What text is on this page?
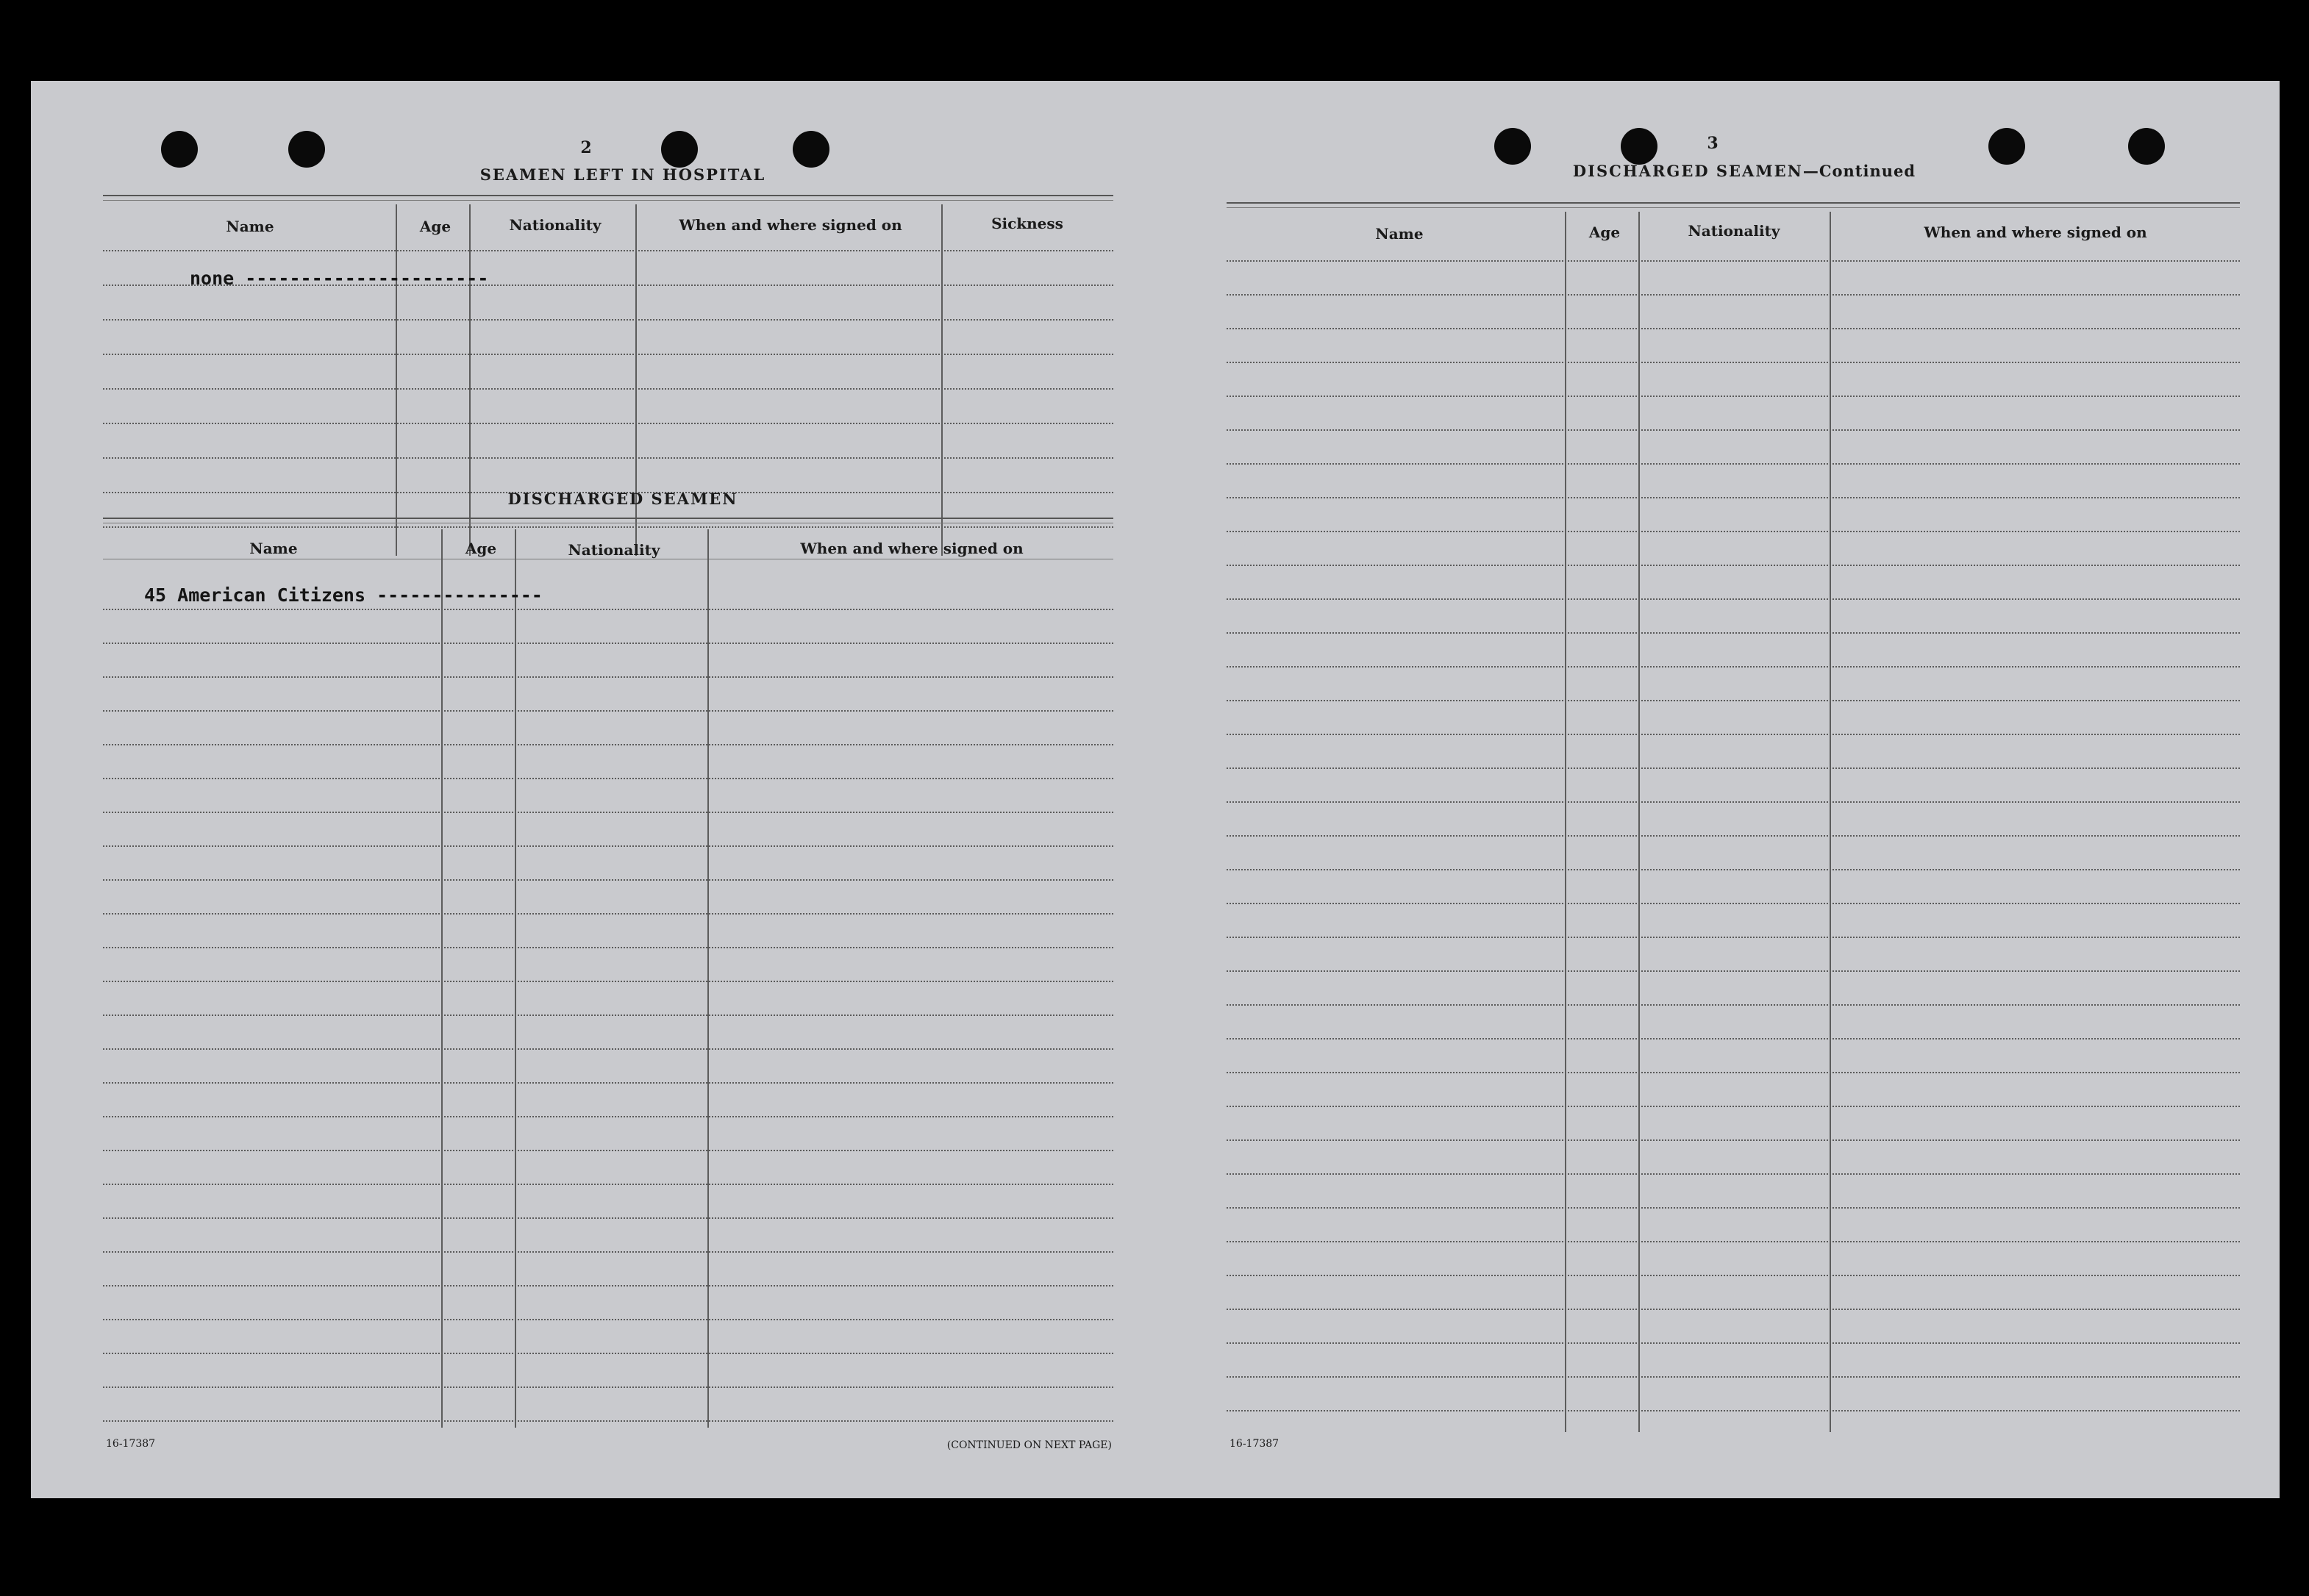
2
SEAMEN LEFT IN HOSPITAL
Name	Age	Nationality	When and where signed on	Sickness
none ----------------------
DISCHARGED SEAMEN
Name	Age	Nationality	When and where signed on
45 American Citizens ---------------
16-17387	(CONTINUED ON NEXT PAGE)
3
DISCHARGED SEAMEN—Continued
Name	Age	Nationality	When and where signed on
16-17387
